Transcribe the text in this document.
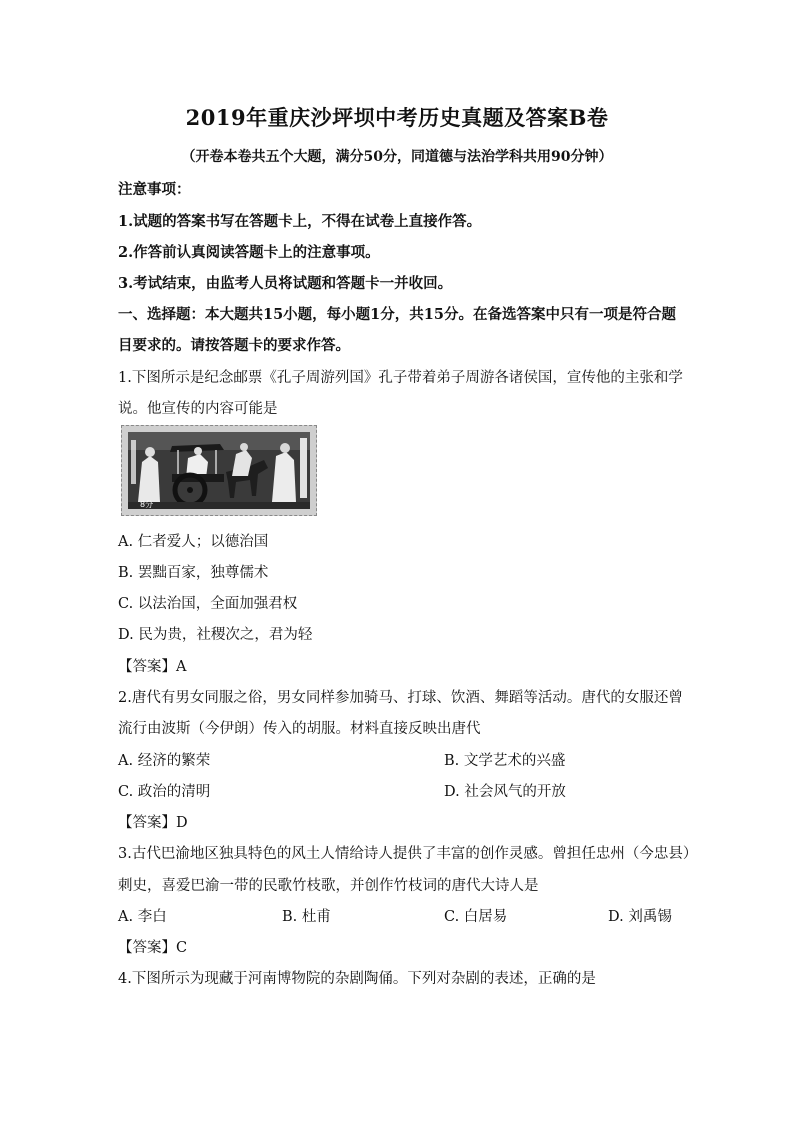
2019年重庆沙坪坝中考历史真题及答案B卷
（开卷本卷共五个大题，满分50分，同道德与法治学科共用90分钟）
注意事项：
1.试题的答案书写在答题卡上，不得在试卷上直接作答。
2.作答前认真阅读答题卡上的注意事项。
3.考试结束，由监考人员将试题和答题卡一并收回。
一、选择题：本大题共15小题，每小题1分，共15分。在备选答案中只有一项是符合题
目要求的。请按答题卡的要求作答。
1.下图所示是纪念邮票《孔子周游列国》孔子带着弟子周游各诸侯国，宣传他的主张和学
说。他宣传的内容可能是
8分
A. 仁者爱人；以德治国
B. 罢黜百家，独尊儒术
C. 以法治国，全面加强君权
D. 民为贵，社稷次之，君为轻
【答案】A
2.唐代有男女同服之俗，男女同样参加骑马、打球、饮酒、舞蹈等活动。唐代的女服还曾
流行由波斯（今伊朗）传入的胡服。材料直接反映出唐代
A. 经济的繁荣	B. 文学艺术的兴盛
C. 政治的清明	D. 社会风气的开放
【答案】D
3.古代巴渝地区独具特色的风土人情给诗人提供了丰富的创作灵感。曾担任忠州（今忠县）
刺史，喜爱巴渝一带的民歌竹枝歌，并创作竹枝词的唐代大诗人是
A. 李白	B. 杜甫	C. 白居易	D. 刘禹锡
【答案】C
4.下图所示为现藏于河南博物院的杂剧陶俑。下列对杂剧的表述，正确的是
